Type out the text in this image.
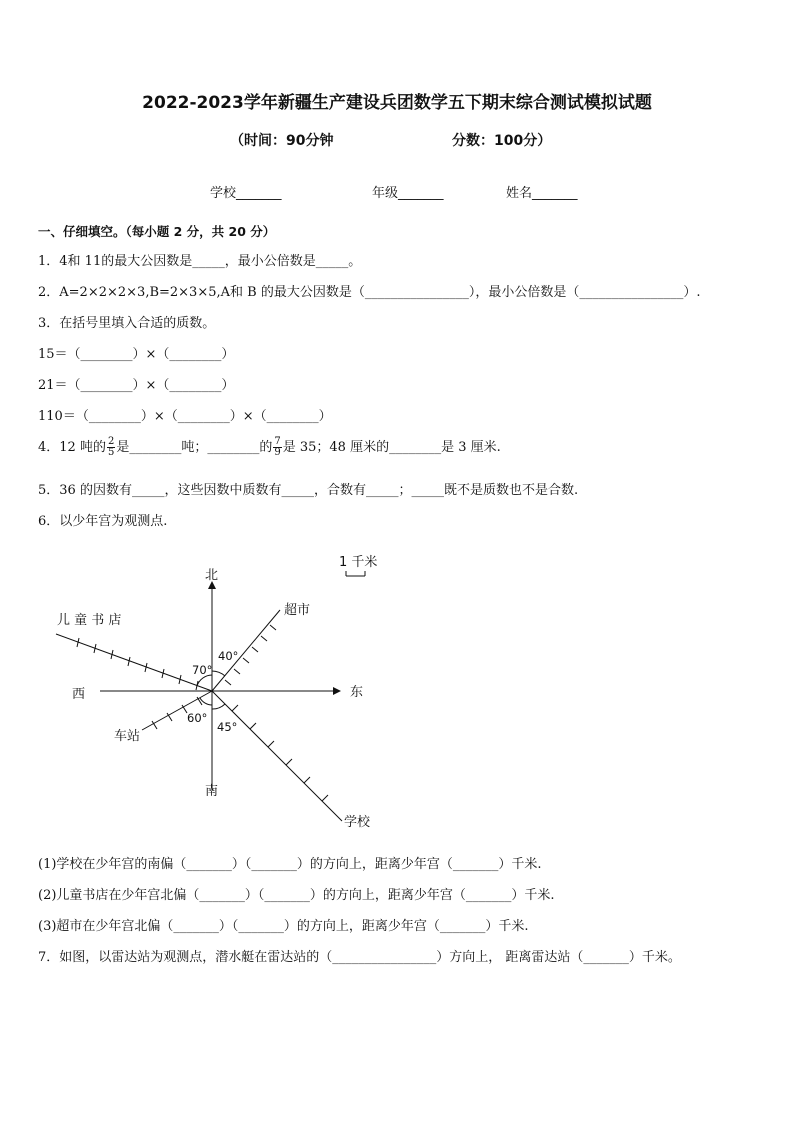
2022-2023学年新疆生产建设兵团数学五下期末综合测试模拟试题
（时间：90分钟	分数：100分）
学校_______	年级_______	姓名_______
一、仔细填空。（每小题 2 分，共 20 分）
1．4和 11的最大公因数是_____，最小公倍数是_____。
2．A=2×2×2×3,B=2×3×5,A和 B 的最大公因数是（________________），最小公倍数是（________________）.
3．在括号里填入合适的质数。
15＝（________）×（________）
21＝（________）×（________）
110＝（________）×（________）×（________）
4．12 吨的 $\frac{2}{5}$ 是________吨；________的 $\frac{7}{9}$ 是 35；48 厘米的________是 3 厘米.
5．36 的因数有_____，这些因数中质数有_____，合数有_____；_____既不是质数也不是合数.
6．以少年宫为观测点.
北
南
东
西
1 千米
儿 童 书 店
超市
车站
学校
40°
70°
60°
45°
(1)学校在少年宫的南偏（_______）（_______）的方向上，距离少年宫（_______）千米.
(2)儿童书店在少年宫北偏（_______）（_______）的方向上，距离少年宫（_______）千米.
(3)超市在少年宫北偏（_______）（_______）的方向上，距离少年宫（_______）千米.
7．如图，以雷达站为观测点，潜水艇在雷达站的（________________）方向上， 距离雷达站（_______）千米。
